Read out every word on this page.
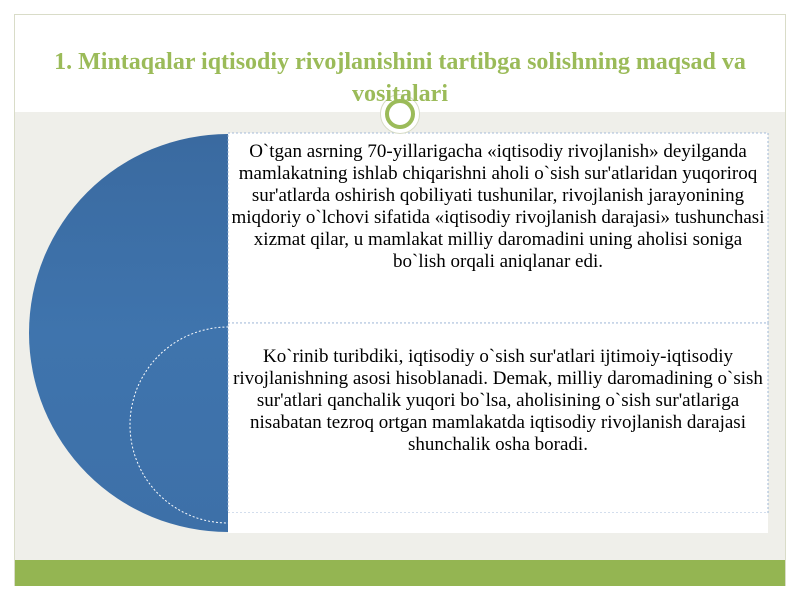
1. Mintaqalar iqtisodiy rivojlanishini tartibga solishning maqsad va vositalari

O`tgan asrning 70-yillarigacha «iqtisodiy rivojlanish» deyilganda mamlakatning ishlab chiqarishni aholi o`sish sur'atlaridan yuqoriroq sur'atlarda oshirish qobiliyati tushunilar, rivojlanish jarayonining miqdoriy o`lchovi sifatida «iqtisodiy rivojlanish darajasi» tushunchasi xizmat qilar, u mamlakat milliy daromadini uning aholisi soniga bo`lish orqali aniqlanar edi.

Ko`rinib turibdiki, iqtisodiy o`sish sur'atlari ijtimoiy-iqtisodiy rivojlanishning asosi hisoblanadi. Demak, milliy daromadining o`sish sur'atlari qanchalik yuqori bo`lsa, aholisining o`sish sur'atlariga nisabatan tezroq ortgan mamlakatda iqtisodiy rivojlanish darajasi shunchalik osha boradi.
